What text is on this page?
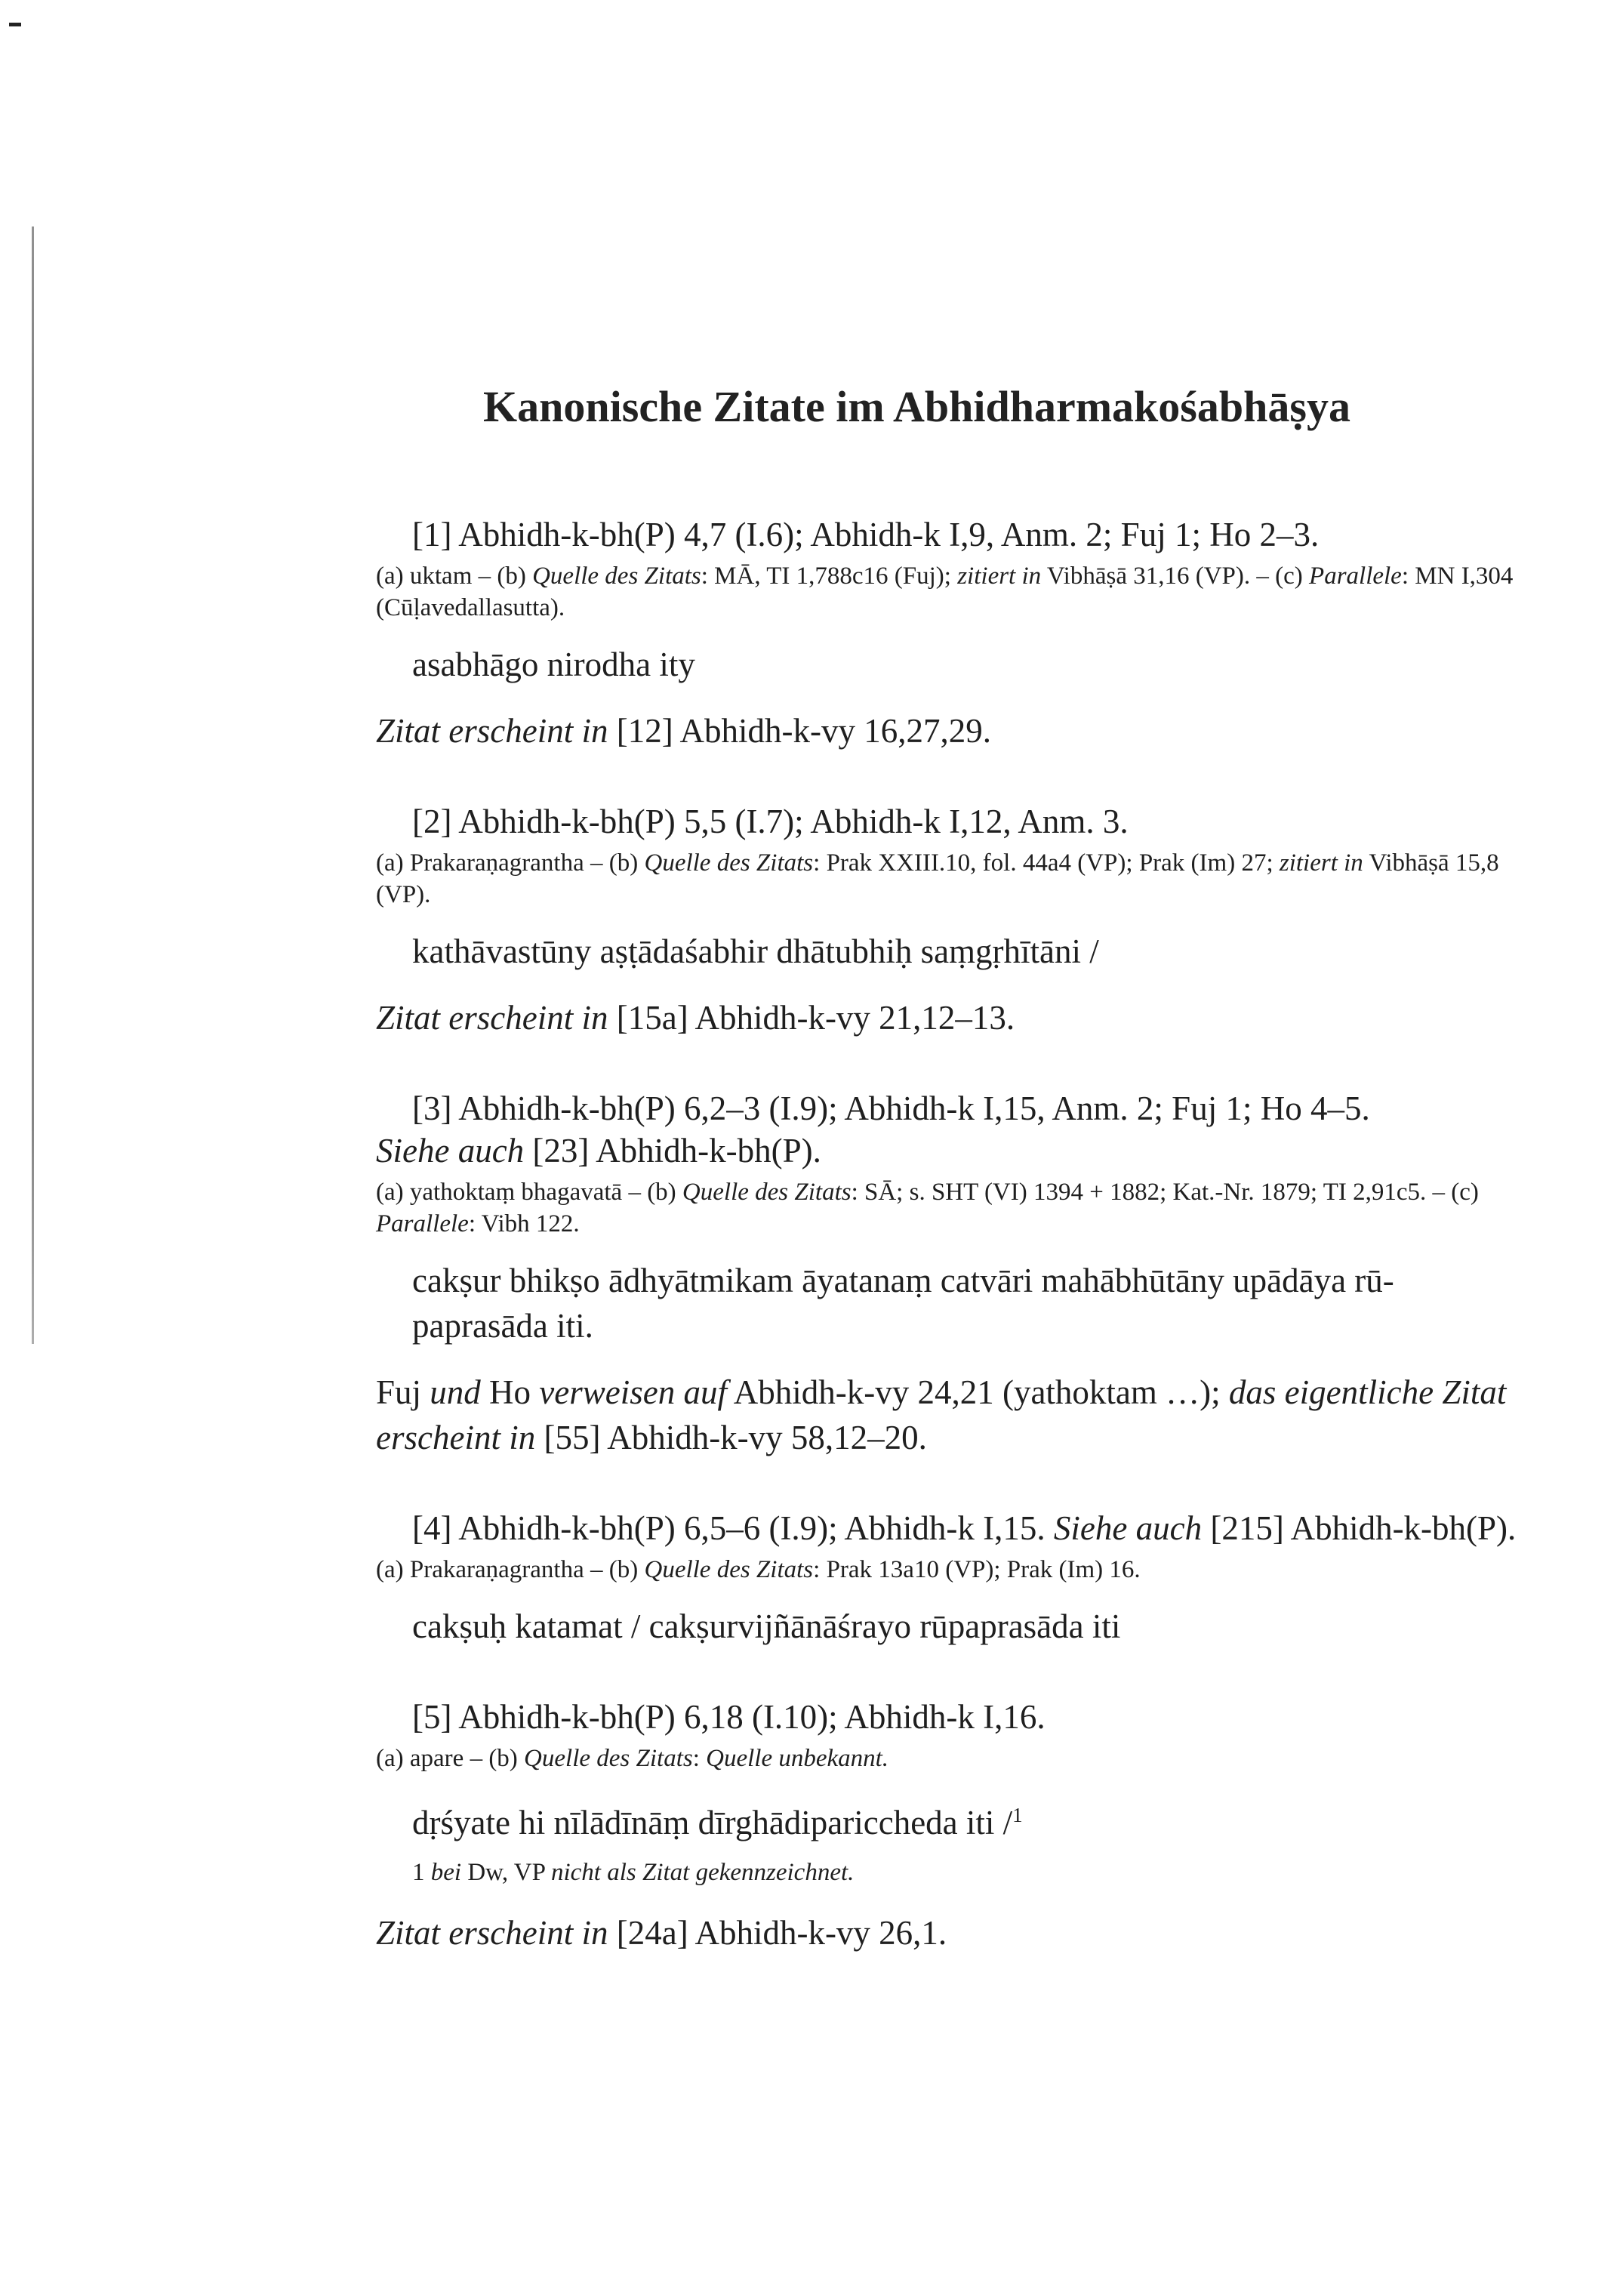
Kanonische Zitate im Abhidharmakośabhāṣya

[1] Abhidh-k-bh(P) 4,7 (I.6); Abhidh-k I,9, Anm. 2; Fuj 1; Ho 2–3.

(a) uktam – (b) Quelle des Zitats: MĀ, TI 1,788c16 (Fuj); zitiert in Vibhāṣā 31,16 (VP). – (c) Parallele: MN I,304 (Cūḷavedallasutta).

asabhāgo nirodha ity

Zitat erscheint in [12] Abhidh-k-vy 16,27,29.

[2] Abhidh-k-bh(P) 5,5 (I.7); Abhidh-k I,12, Anm. 3.

(a) Prakaraṇagrantha – (b) Quelle des Zitats: Prak XXIII.10, fol. 44a4 (VP); Prak (Im) 27; zitiert in Vibhāṣā 15,8 (VP).

kathāvastūny aṣṭādaśabhir dhātubhiḥ saṃgṛhītāni /

Zitat erscheint in [15a] Abhidh-k-vy 21,12–13.

[3] Abhidh-k-bh(P) 6,2–3 (I.9); Abhidh-k I,15, Anm. 2; Fuj 1; Ho 4–5.

Siehe auch [23] Abhidh-k-bh(P).

(a) yathoktaṃ bhagavatā – (b) Quelle des Zitats: SĀ; s. SHT (VI) 1394 + 1882; Kat.-Nr. 1879; TI 2,91c5. – (c) Parallele: Vibh 122.

cakṣur bhikṣo ādhyātmikam āyatanaṃ catvāri mahābhūtāny upādāya rū-
paprasāda iti.

Fuj und Ho verweisen auf Abhidh-k-vy 24,21 (yathoktam …); das eigentliche Zitat erscheint in [55] Abhidh-k-vy 58,12–20.

[4] Abhidh-k-bh(P) 6,5–6 (I.9); Abhidh-k I,15. Siehe auch [215] Abhidh-k-bh(P).

(a) Prakaraṇagrantha – (b) Quelle des Zitats: Prak 13a10 (VP); Prak (Im) 16.

cakṣuḥ katamat / cakṣurvijñānāśrayo rūpaprasāda iti

[5] Abhidh-k-bh(P) 6,18 (I.10); Abhidh-k I,16.

(a) apare – (b) Quelle des Zitats: Quelle unbekannt.

dṛśyate hi nīlādīnāṃ dīrghādiparicchedа iti /$^1$

1 bei Dw, VP nicht als Zitat gekennzeichnet.

Zitat erscheint in [24a] Abhidh-k-vy 26,1.
